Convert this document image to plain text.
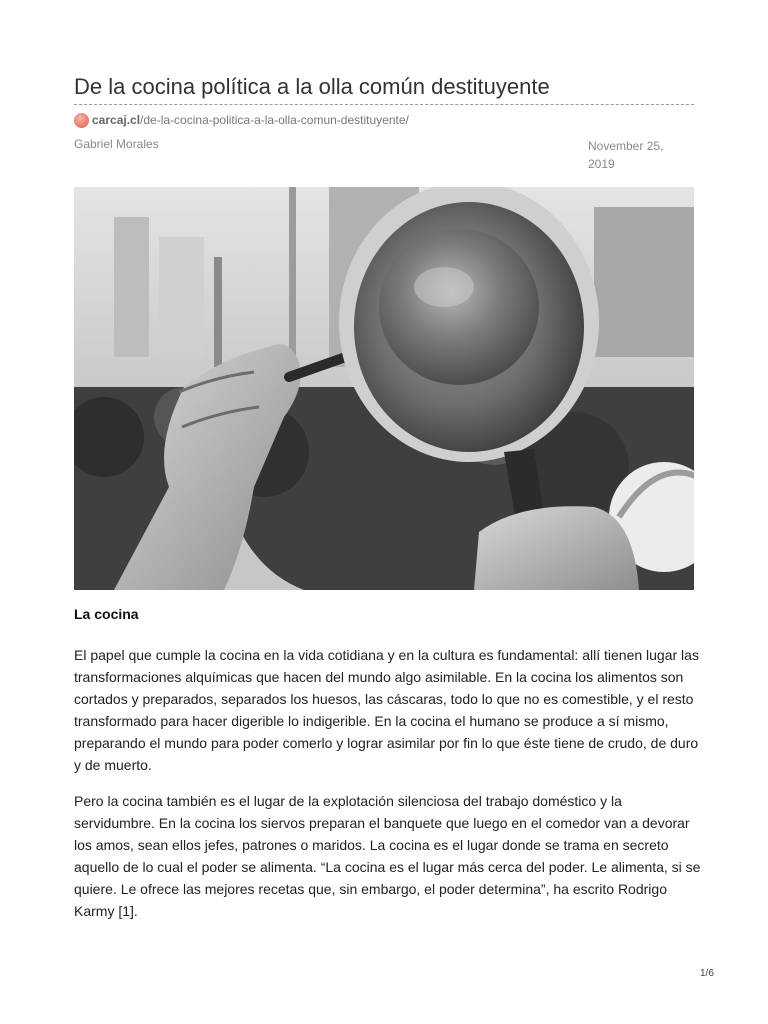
De la cocina política a la olla común destituyente
carcaj.cl /de-la-cocina-politica-a-la-olla-comun-destituyente/
Gabriel Morales	November 25, 2019
La cocina

El papel que cumple la cocina en la vida cotidiana y en la cultura es fundamental: allí tienen lugar las transformaciones alquímicas que hacen del mundo algo asimilable. En la cocina los alimentos son cortados y preparados, separados los huesos, las cáscaras, todo lo que no es comestible, y el resto transformado para hacer digerible lo indigerible. En la cocina el humano se produce a sí mismo, preparando el mundo para poder comerlo y lograr asimilar por fin lo que éste tiene de crudo, de duro y de muerto.

Pero la cocina también es el lugar de la explotación silenciosa del trabajo doméstico y la servidumbre. En la cocina los siervos preparan el banquete que luego en el comedor van a devorar los amos, sean ellos jefes, patrones o maridos. La cocina es el lugar donde se trama en secreto aquello de lo cual el poder se alimenta. “La cocina es el lugar más cerca del poder. Le alimenta, si se quiere. Le ofrece las mejores recetas que, sin embargo, el poder determina”, ha escrito Rodrigo Karmy [1].

1/6
